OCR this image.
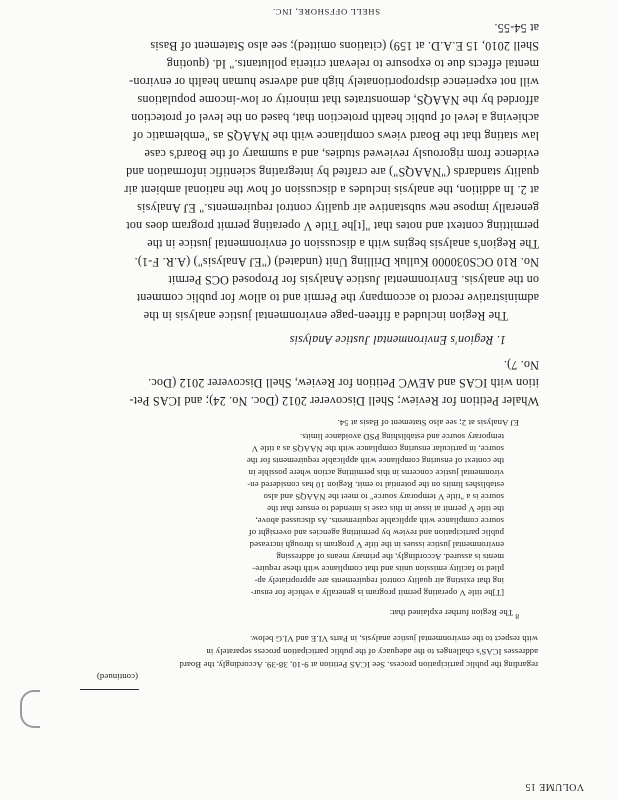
VOLUME 15
(continued)
regarding the public participation process. See ICAS Petition at 9-10, 38-39. Accordingly, the Board
addresses ICAS's challenges to the adequacy of the public participation process separately in
with respect to the environmental justice analysis, in Parts VI.E and VI.G below.
$^8$ The Region further explained that:
[T]he title V operating permit program is generally a vehicle for ensur-
ing that existing air quality control requirements are appropriately ap-
plied to facility emission units and that compliance with these require-
ments is assured. Accordingly, the primary means of addressing
environmental justice issues in the title V program is through increased
public participation and review by permitting agencies and oversight of
source compliance with applicable requirements. As discussed above,
the title V permit at issue in this case is intended to ensure that the
source is a "title V temporary source" to meet the NAAQS and also
establishes limits on the potential to emit. Region 10 has considered en-
vironmental justice concerns in this permitting action where possible in
the context of ensuring compliance with applicable requirements for the
source, in particular ensuring compliance with the NAAQS as a title V
temporary source and establishing PSD avoidance limits.
EJ Analysis at 2; see also Statement of Basis at 54.
Whaler Petition for Review; Shell Discoverer 2012 (Doc. No. 24); and ICAS Pet-
ition with ICAS and AEWC Petition for Review, Shell Discoverer 2012 (Doc.
No. 7).
1. Region's Environmental Justice Analysis
The Region included a fifteen-page environmental justice analysis in the
administrative record to accompany the Permit and to allow for public comment
on the analysis. Environmental Justice Analysis for Proposed OCS Permit
No. R10 OCS030000 Kulluk Drilling Unit (undated) ("EJ Analysis") (A.R. F-1).
The Region's analysis begins with a discussion of environmental justice in the
permitting context and notes that "[t]he Title V operating permit program does not
generally impose new substantive air quality control requirements." EJ Analysis
at 2. In addition, the analysis includes a discussion of how the national ambient air
quality standards ("NAAQS") are crafted by integrating scientific information and
evidence from rigorously reviewed studies, and a summary of the Board's case
law stating that the Board views compliance with the NAAQS as "emblematic of
achieving a level of public health protection that, based on the level of protection
afforded by the NAAQS, demonstrates that minority or low-income populations
will not experience disproportionately high and adverse human health or environ-
mental effects due to exposure to relevant criteria pollutants." Id. (quoting
Shell 2010, 15 E.A.D. at 159) (citations omitted); see also Statement of Basis
at 54-55.
SHELL OFFSHORE, INC.
